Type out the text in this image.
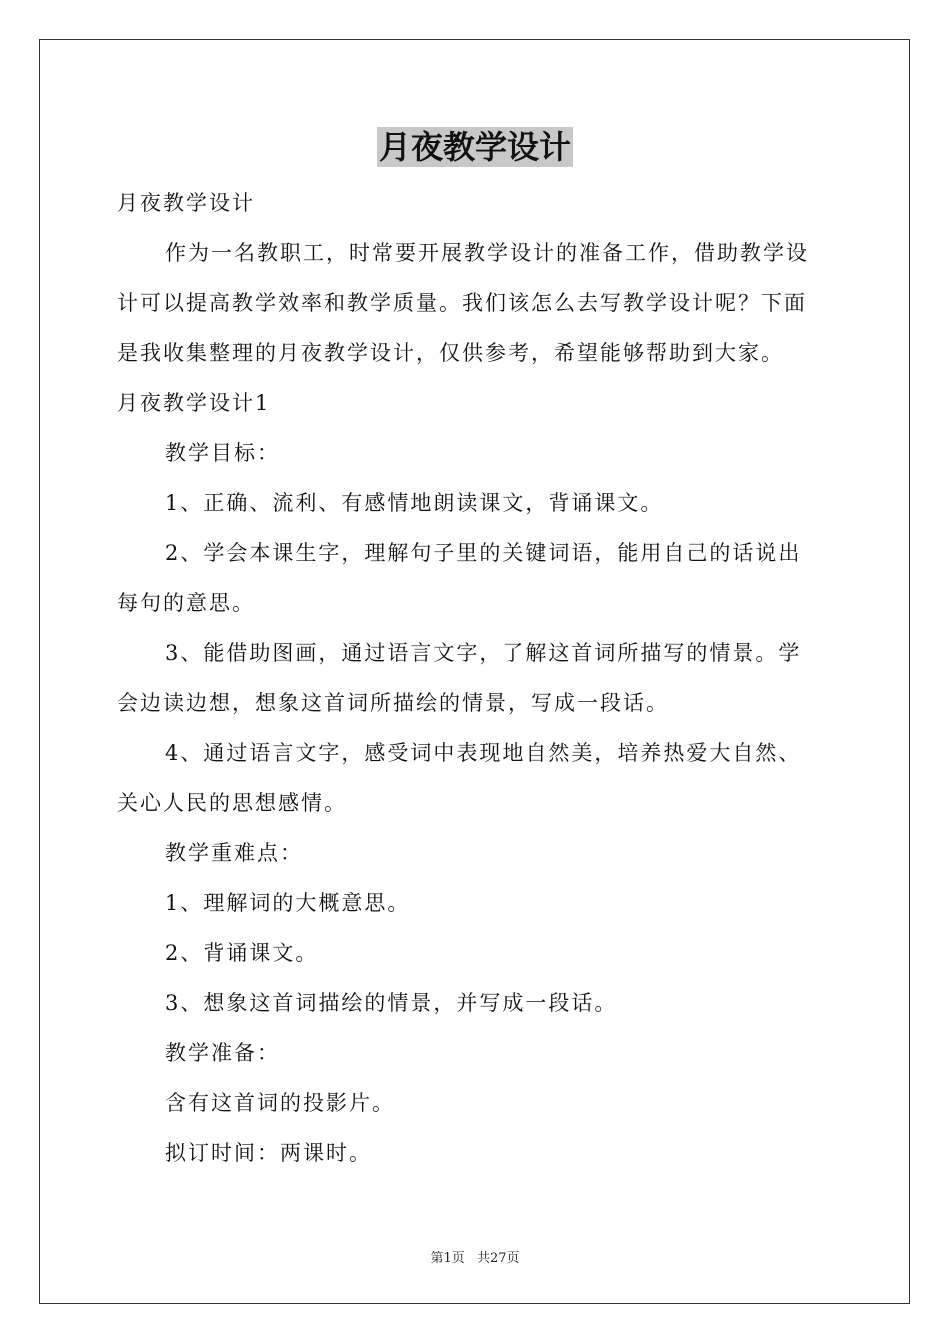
月夜教学设计
月夜教学设计
作为一名教职工，时常要开展教学设计的准备工作，借助教学设
计可以提高教学效率和教学质量。我们该怎么去写教学设计呢？下面
是我收集整理的月夜教学设计，仅供参考，希望能够帮助到大家。
月夜教学设计1
教学目标：
1、正确、流利、有感情地朗读课文，背诵课文。
2、学会本课生字，理解句子里的关键词语，能用自己的话说出
每句的意思。
3、能借助图画，通过语言文字，了解这首词所描写的情景。学
会边读边想，想象这首词所描绘的情景，写成一段话。
4、通过语言文字，感受词中表现地自然美，培养热爱大自然、
关心人民的思想感情。
教学重难点：
1、理解词的大概意思。
2、背诵课文。
3、想象这首词描绘的情景，并写成一段话。
教学准备：
含有这首词的投影片。
拟订时间：两课时。
第1页 共27页
